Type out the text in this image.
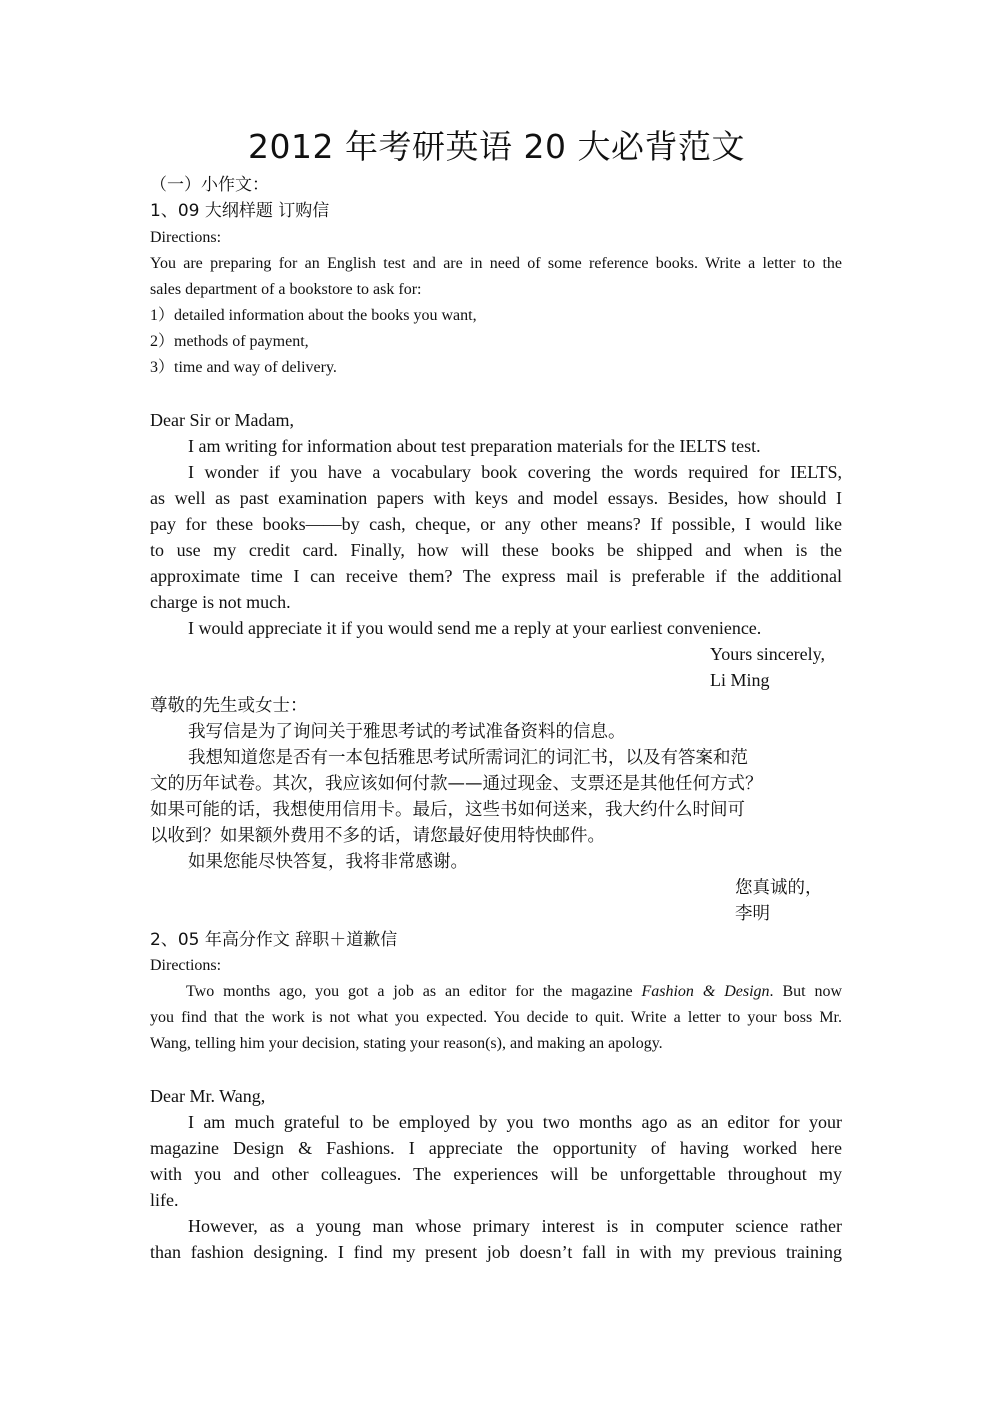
2012 年考研英语 20 大必背范文
（一）小作文：
1、09 大纲样题 订购信
Directions:
You are preparing for an English test and are in need of some reference books. Write a letter to the
sales department of a bookstore to ask for:
1）detailed information about the books you want,
2）methods of payment,
3）time and way of delivery.
Dear Sir or Madam,
I am writing for information about test preparation materials for the IELTS test.
I wonder if you have a vocabulary book covering the words required for IELTS,
as well as past examination papers with keys and model essays. Besides, how should I
pay for these books——by cash, cheque, or any other means? If possible, I would like
to use my credit card. Finally, how will these books be shipped and when is the
approximate time I can receive them? The express mail is preferable if the additional
charge is not much.
I would appreciate it if you would send me a reply at your earliest convenience.
Yours sincerely,
Li Ming
尊敬的先生或女士：
我写信是为了询问关于雅思考试的考试准备资料的信息。
我想知道您是否有一本包括雅思考试所需词汇的词汇书，以及有答案和范
文的历年试卷。其次，我应该如何付款——通过现金、支票还是其他任何方式？
如果可能的话，我想使用信用卡。最后，这些书如何送来，我大约什么时间可
以收到？如果额外费用不多的话，请您最好使用特快邮件。
如果您能尽快答复，我将非常感谢。
您真诚的，
李明
2、05 年高分作文 辞职＋道歉信
Directions:
Two months ago, you got a job as an editor for the magazine Fashion & Design. But now
you find that the work is not what you expected. You decide to quit. Write a letter to your boss Mr.
Wang, telling him your decision, stating your reason(s), and making an apology.
Dear Mr. Wang,
I am much grateful to be employed by you two months ago as an editor for your
magazine Design & Fashions. I appreciate the opportunity of having worked here
with you and other colleagues. The experiences will be unforgettable throughout my
life.
However, as a young man whose primary interest is in computer science rather
than fashion designing. I find my present job doesn’t fall in with my previous training
